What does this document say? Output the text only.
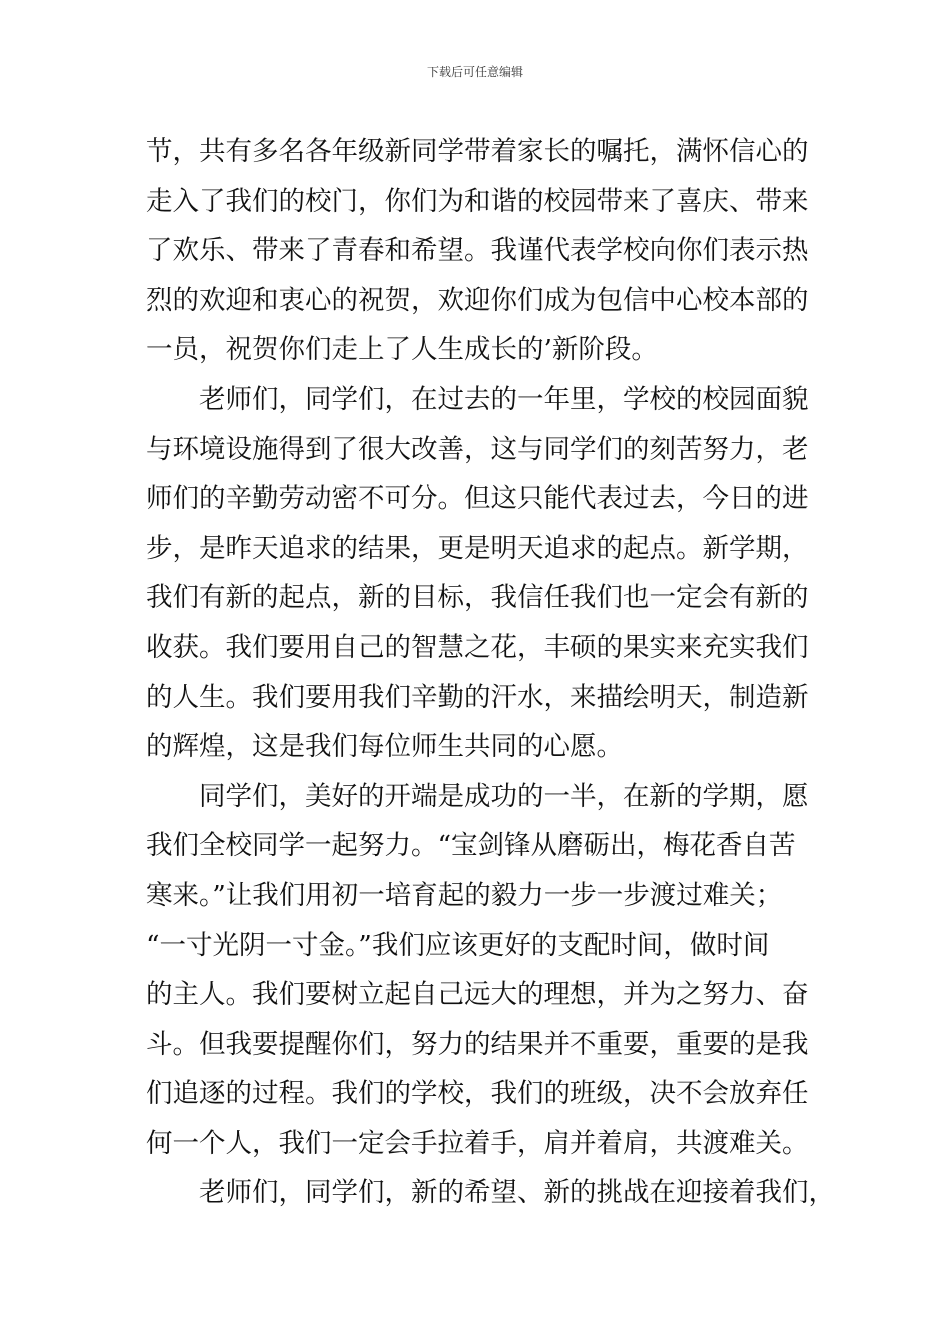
下载后可任意编辑
节，共有多名各年级新同学带着家长的嘱托，满怀信心的
走入了我们的校门，你们为和谐的校园带来了喜庆、带来
了欢乐、带来了青春和希望。我谨代表学校向你们表示热
烈的欢迎和衷心的祝贺，欢迎你们成为包信中心校本部的
一员，祝贺你们走上了人生成长的’新阶段。
　　老师们，同学们，在过去的一年里，学校的校园面貌
与环境设施得到了很大改善，这与同学们的刻苦努力，老
师们的辛勤劳动密不可分。但这只能代表过去，今日的进
步，是昨天追求的结果，更是明天追求的起点。新学期，
我们有新的起点，新的目标，我信任我们也一定会有新的
收获。我们要用自己的智慧之花，丰硕的果实来充实我们
的人生。我们要用我们辛勤的汗水，来描绘明天，制造新
的辉煌，这是我们每位师生共同的心愿。
　　同学们，美好的开端是成功的一半，在新的学期，愿
我们全校同学一起努力。“宝剑锋从磨砺出，梅花香自苦
寒来。”让我们用初一培育起的毅力一步一步渡过难关；
“一寸光阴一寸金。”我们应该更好的支配时间，做时间
的主人。我们要树立起自己远大的理想，并为之努力、奋
斗。但我要提醒你们，努力的结果并不重要，重要的是我
们追逐的过程。我们的学校，我们的班级，决不会放弃任
何一个人，我们一定会手拉着手，肩并着肩，共渡难关。
　　老师们，同学们，新的希望、新的挑战在迎接着我们，
